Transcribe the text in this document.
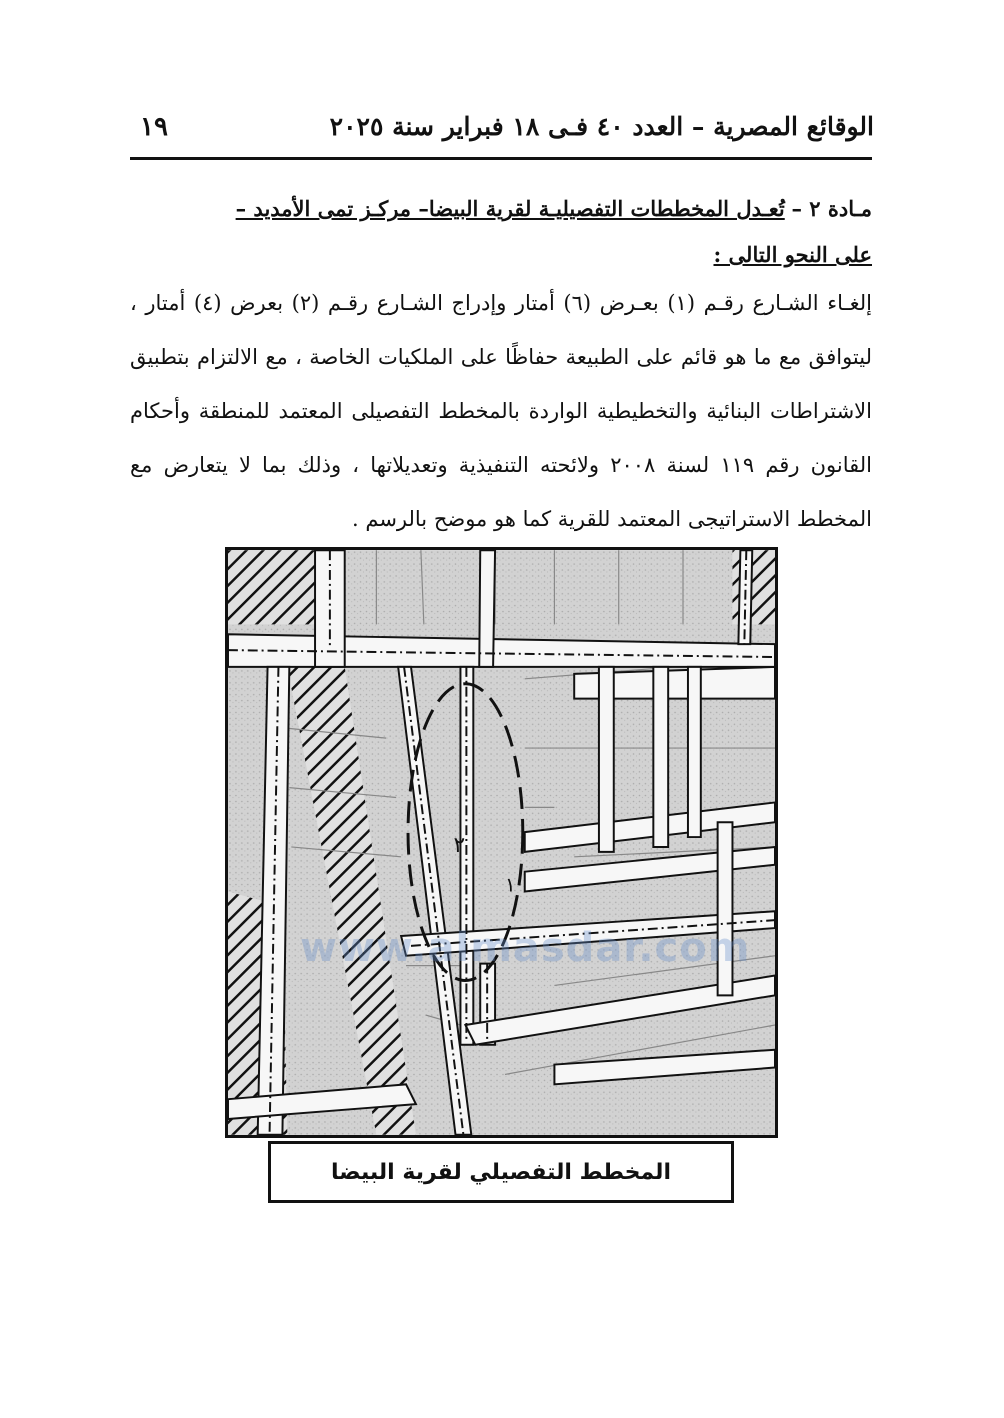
١٩	الوقائع المصرية – العدد ٤٠ فـى ١٨ فبراير سنة ٢٠٢٥
مـادة ٢ – تُعـدل المخططات التفصيليـة لقرية البيضا– مركـز تمى الأمديد –
على النحو التالى :
إلغـاء الشـارع رقـم (١) بعـرض (٦) أمتار وإدراج الشـارع رقـم (٢) بعرض (٤) أمتار ، ليتوافق مع ما هو قائم على الطبيعة حفاظًا على الملكيات الخاصة ، مع الالتزام بتطبيق الاشتراطات البنائية والتخطيطية الواردة بالمخطط التفصيلى المعتمد للمنطقة وأحكام القانون رقم ١١٩ لسنة ٢٠٠٨ ولائحته التنفيذية وتعديلاتها ، وذلك بما لا يتعارض مع المخطط الاستراتيجى المعتمد للقرية كما هو موضح بالرسم .
٢
١
www.almasdar.com
المخطط التفصيلي لقرية البيضا
